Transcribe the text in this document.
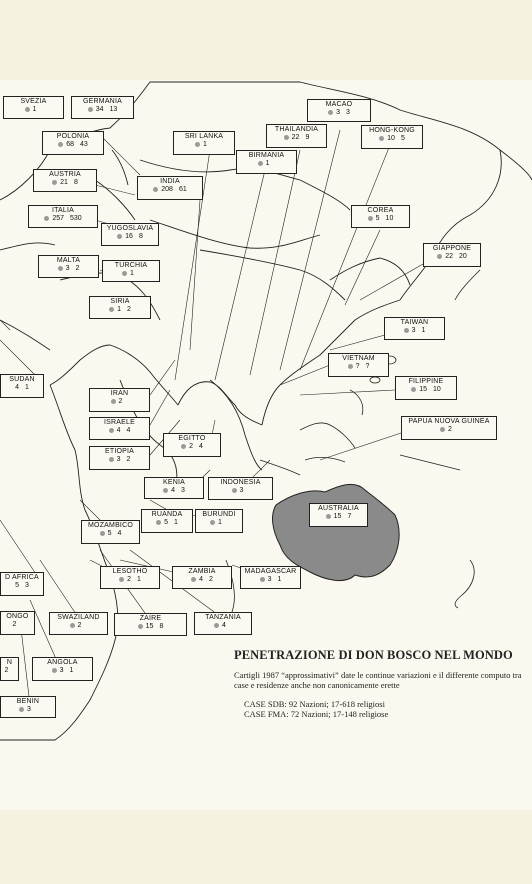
SVEZIA
1
GERMANIA
34 13
POLONIA
68 43
AUSTRIA
21 8
ITALIA
257 530
YUGOSLAVIA
16 8
MALTA
3 2	TURCHIA
1
SIRIA
1 2
SRI LANKA
1
INDIA
208 61
BIRMANIA
1
THAILANDIA
22 9
MACAO
3 3
HONG-KONG
10 5
COREA
5 10
GIAPPONE
22 20
TAIWAN
3 1
VIETNAM
? ?
FILIPPINE
15 10
PAPUA NUOVA GUINEA
2
SUDAN
4 1
IRAN
2
ISRAELE
4 4
ETIOPIA
3 2
EGITTO
2 4
KENIA
4 3
INDONESIA
3
AUSTRALIA
15 7
RUANDA
5 1
BURUNDI
1
MOZAMBICO
5 4
D AFRICA
5 3
LESOTHO
2 1
ZAMBIA
4 2
MADAGASCAR
3 1
ONGO
2
SWAZILAND
2
ZAIRE
15 8
TANZANIA
4
N
2
ANGOLA
3 1
BENIN
3
PENETRAZIONE DI DON BOSCO NEL MONDO
Cartigli 1987 “approssimativi” date le continue variazioni e il differente computo tra case e residenze anche non canonicamente erette
CASE SDB: 92 Nazioni; 17-618 religiosi
CASE FMA: 72 Nazioni; 17-148 religiose
